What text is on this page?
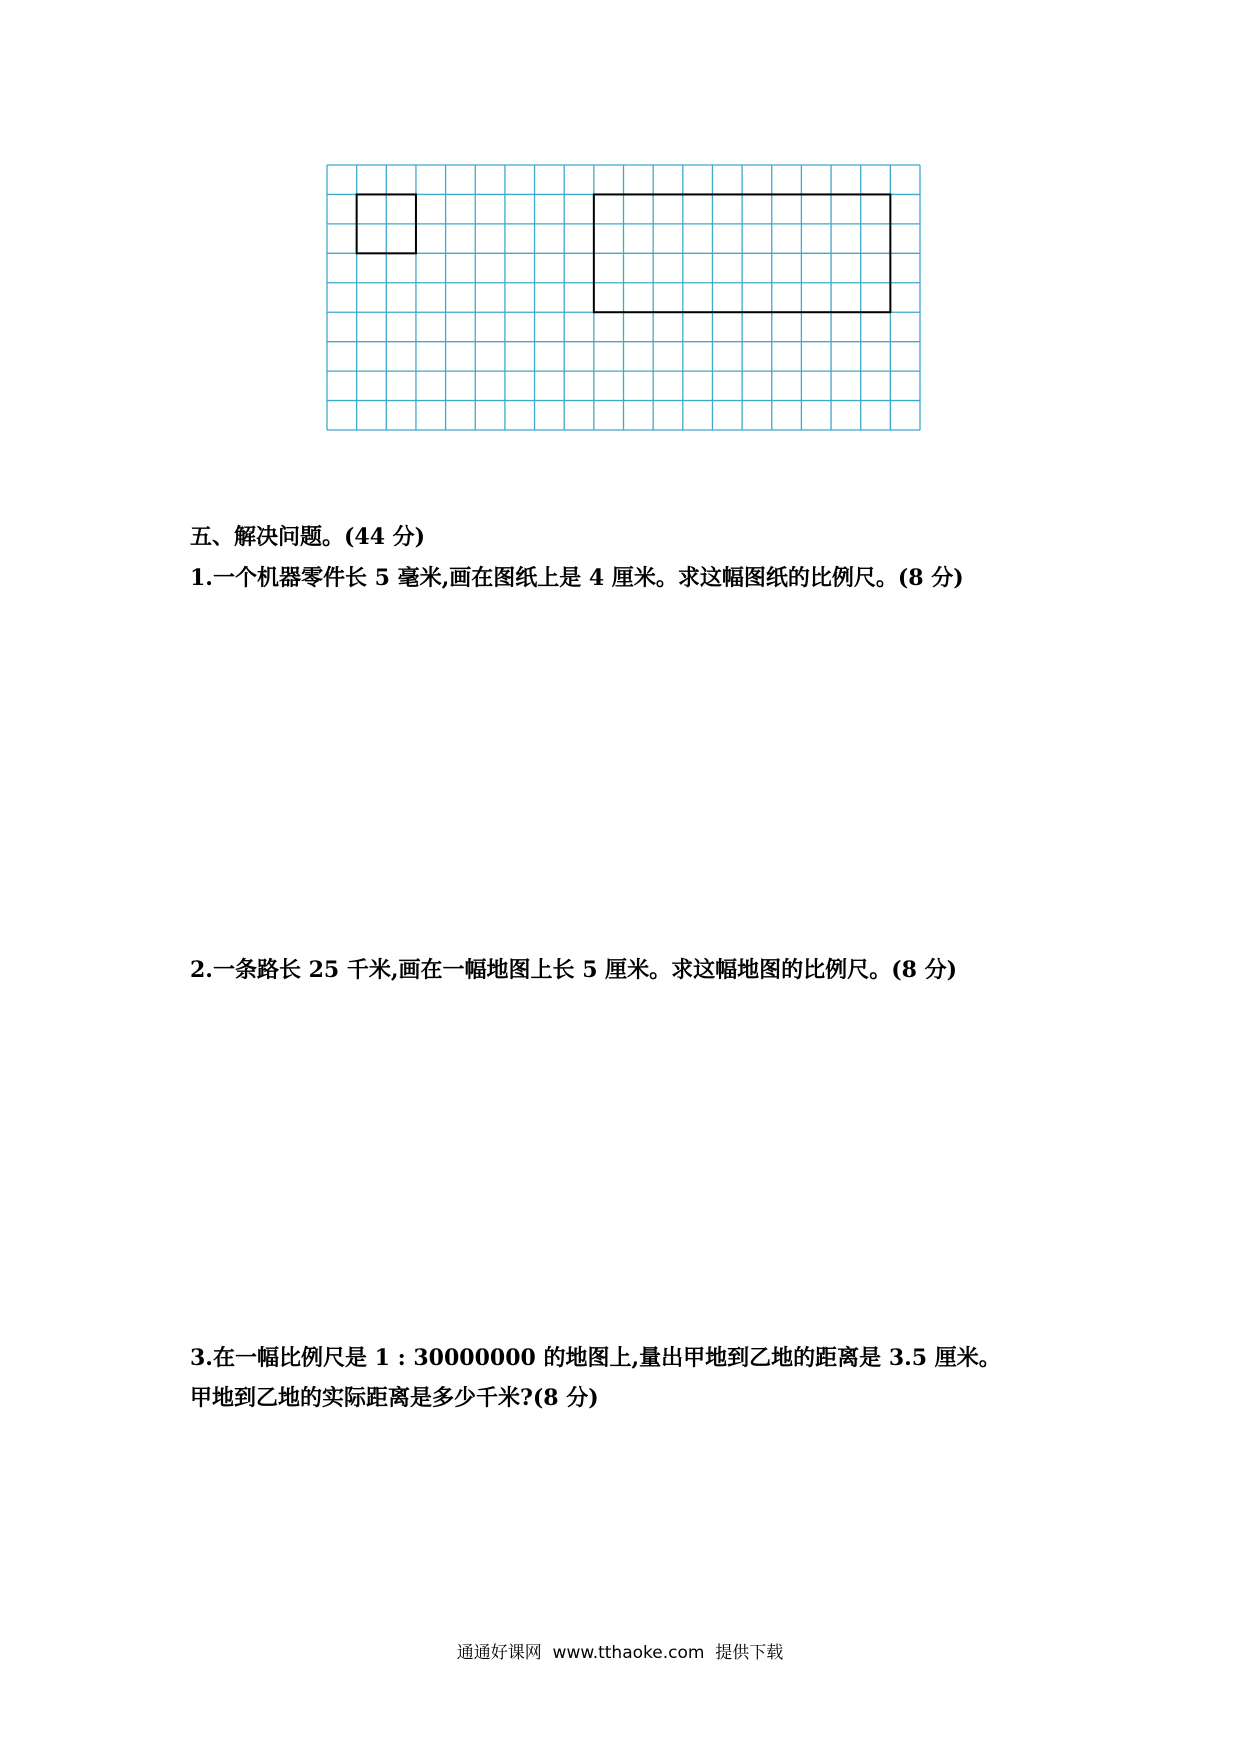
五、解决问题。(44 分)
1.一个机器零件长 5 毫米,画在图纸上是 4 厘米。求这幅图纸的比例尺。(8 分)
2.一条路长 25 千米,画在一幅地图上长 5 厘米。求这幅地图的比例尺。(8 分)
3.在一幅比例尺是 1 : 30000000 的地图上,量出甲地到乙地的距离是 3.5 厘米。
甲地到乙地的实际距离是多少千米?(8 分)
通通好课网  www.tthaoke.com  提供下载
